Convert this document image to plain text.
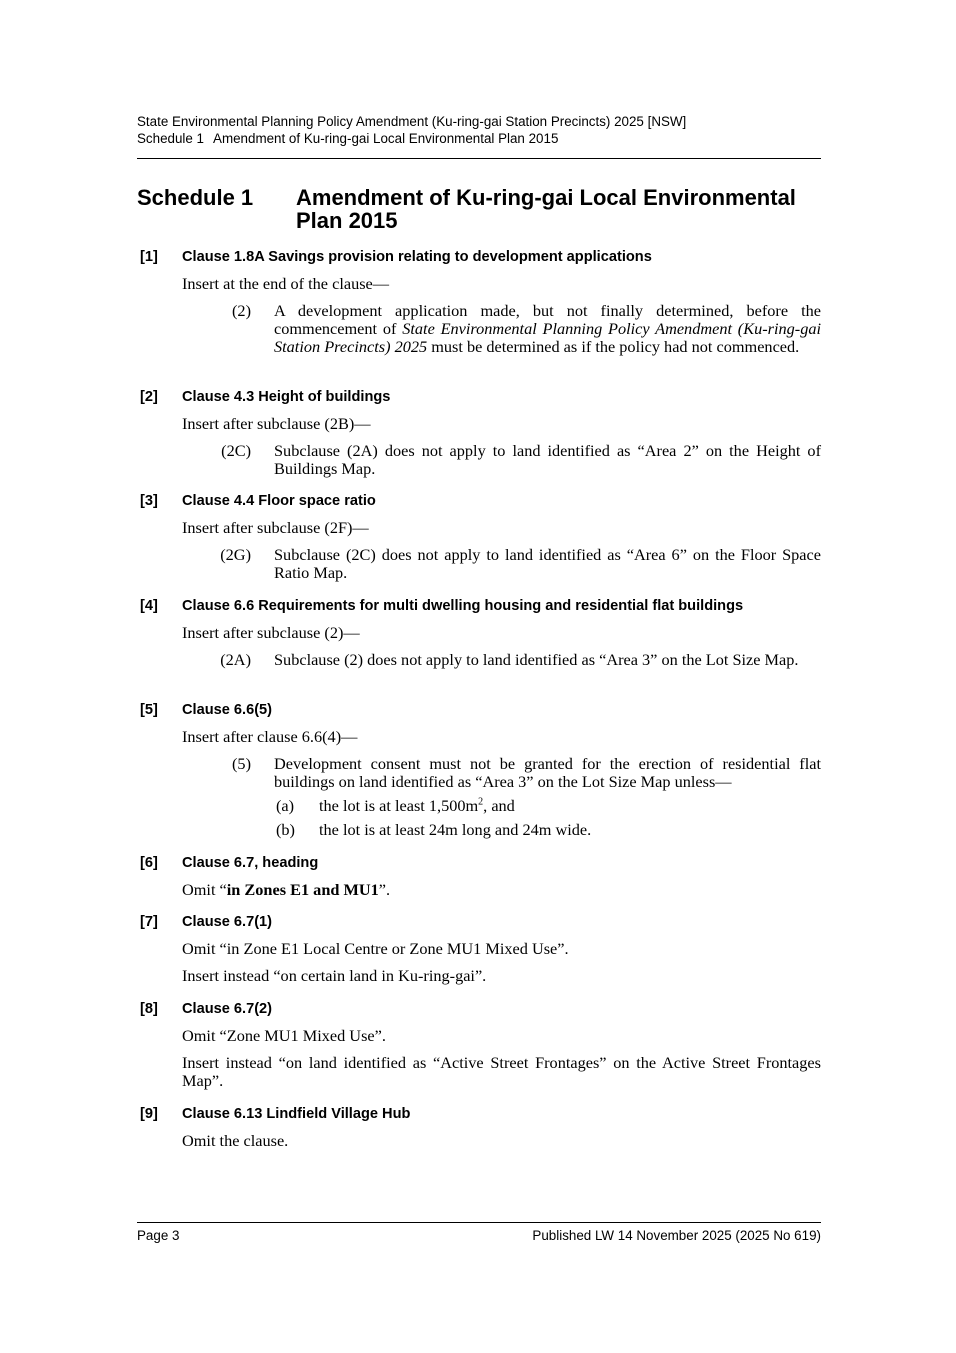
State Environmental Planning Policy Amendment (Ku-ring-gai Station Precincts) 2025 [NSW]
Schedule 1 Amendment of Ku-ring-gai Local Environmental Plan 2015
Schedule 1 Amendment of Ku-ring-gai Local Environmental Plan 2015
[1] Clause 1.8A Savings provision relating to development applications
Insert at the end of the clause—
(2) A development application made, but not finally determined, before the commencement of State Environmental Planning Policy Amendment (Ku-ring-gai Station Precincts) 2025 must be determined as if the policy had not commenced.
[2] Clause 4.3 Height of buildings
Insert after subclause (2B)—
(2C) Subclause (2A) does not apply to land identified as “Area 2” on the Height of Buildings Map.
[3] Clause 4.4 Floor space ratio
Insert after subclause (2F)—
(2G) Subclause (2C) does not apply to land identified as “Area 6” on the Floor Space Ratio Map.
[4] Clause 6.6 Requirements for multi dwelling housing and residential flat buildings
Insert after subclause (2)—
(2A) Subclause (2) does not apply to land identified as “Area 3” on the Lot Size Map.
[5] Clause 6.6(5)
Insert after clause 6.6(4)—
(5) Development consent must not be granted for the erection of residential flat buildings on land identified as “Area 3” on the Lot Size Map unless—
(a) the lot is at least $1,500m^2$, and
(b) the lot is at least 24m long and 24m wide.
[6] Clause 6.7, heading
Omit “in Zones E1 and MU1”.
[7] Clause 6.7(1)
Omit “in Zone E1 Local Centre or Zone MU1 Mixed Use”.
Insert instead “on certain land in Ku-ring-gai”.
[8] Clause 6.7(2)
Omit “Zone MU1 Mixed Use”.
Insert instead “on land identified as “Active Street Frontages” on the Active Street Frontages Map”.
[9] Clause 6.13 Lindfield Village Hub
Omit the clause.
Page 3	Published LW 14 November 2025 (2025 No 619)
